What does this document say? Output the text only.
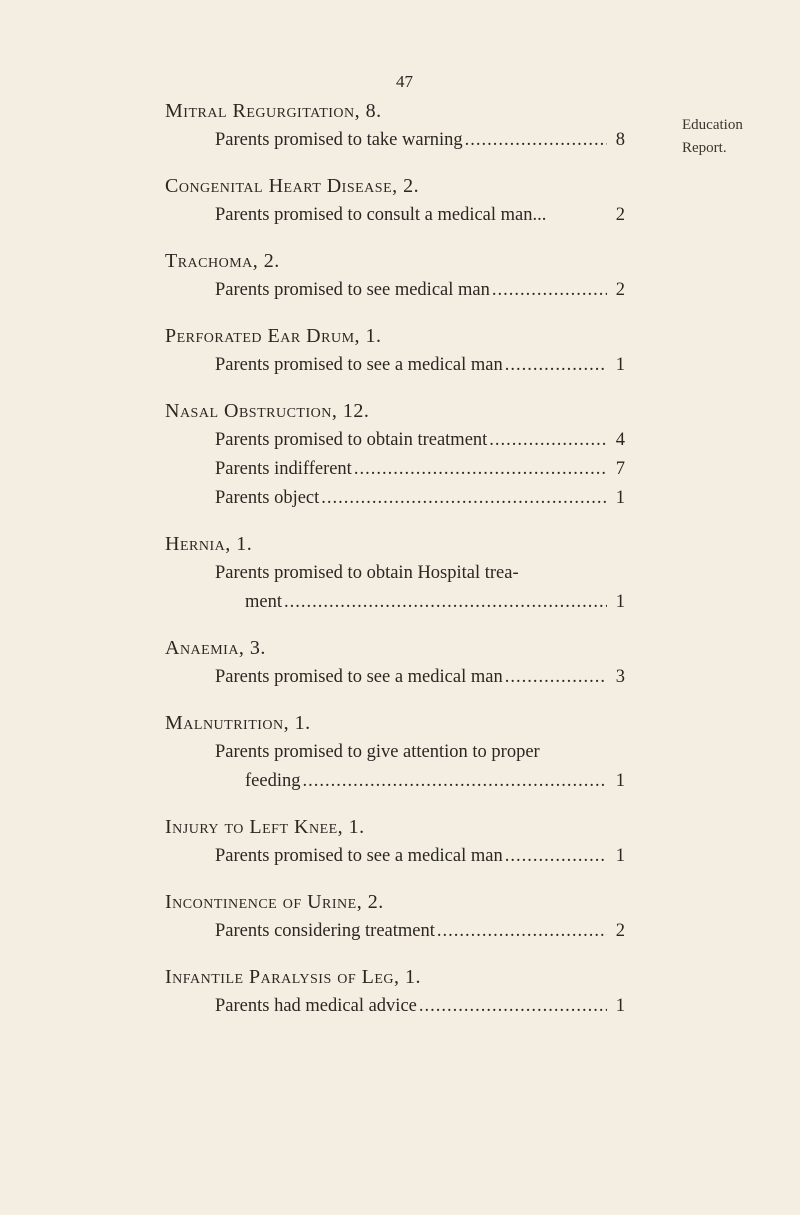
47
Education
Report.
Mitral Regurgitation, 8.
Parents promised to take warning .....	8
Congenital Heart Disease, 2.
Parents promised to consult a medical man...	2
Trachoma, 2.
Parents promised to see medical man .....	2
Perforated Ear Drum, 1.
Parents promised to see a medical man .....	1
Nasal Obstruction, 12.
Parents promised to obtain treatment .....	4
Parents indifferent .....	7
Parents object .....	1
Hernia, 1.
Parents promised to obtain Hospital trea-
ment .....	1
Anaemia, 3.
Parents promised to see a medical man .....	3
Malnutrition, 1.
Parents promised to give attention to proper
feeding .....	1
Injury to Left Knee, 1.
Parents promised to see a medical man .....	1
Incontinence of Urine, 2.
Parents considering treatment .....	2
Infantile Paralysis of Leg, 1.
Parents had medical advice .....	1
